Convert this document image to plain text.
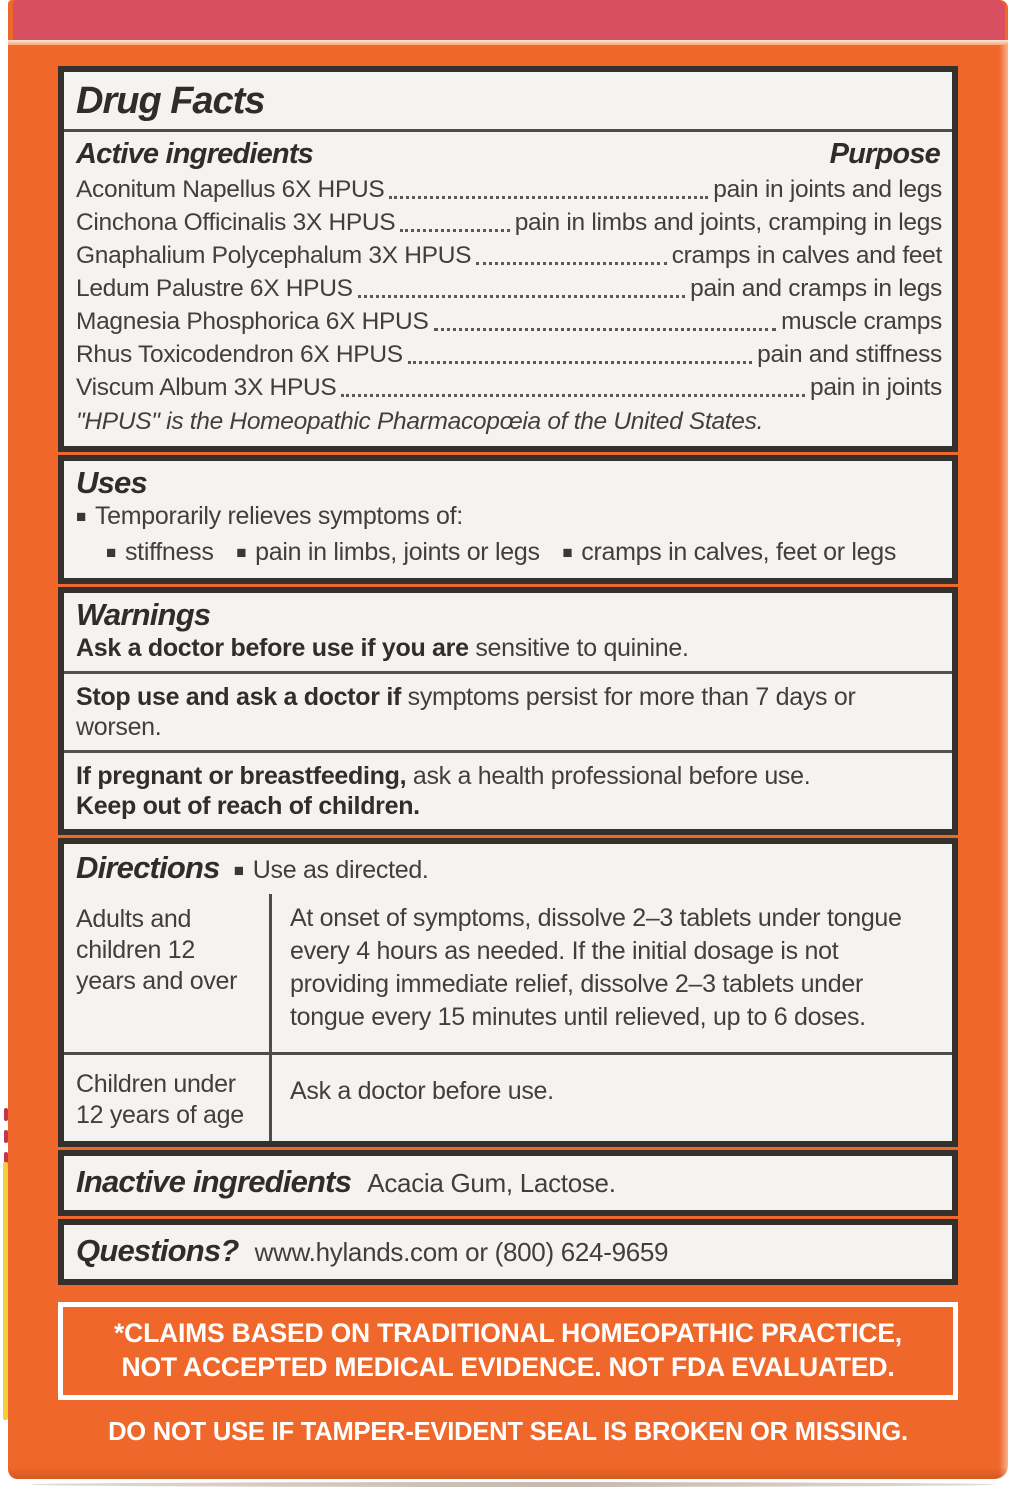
Drug Facts
Active ingredients	Purpose
Aconitum Napellus 6X HPUS	pain in joints and legs
Cinchona Officinalis 3X HPUS	pain in limbs and joints, cramping in legs
Gnaphalium Polycephalum 3X HPUS	cramps in calves and feet
Ledum Palustre 6X HPUS	pain and cramps in legs
Magnesia Phosphorica 6X HPUS	muscle cramps
Rhus Toxicodendron 6X HPUS	pain and stiffness
Viscum Album 3X HPUS	pain in joints
"HPUS" is the Homeopathic Pharmacopœia of the United States.
Uses
■ Temporarily relieves symptoms of:
■ stiffness ■ pain in limbs, joints or legs ■ cramps in calves, feet or legs
Warnings
Ask a doctor before use if you are sensitive to quinine.
Stop use and ask a doctor if symptoms persist for more than 7 days or worsen.
If pregnant or breastfeeding, ask a health professional before use.
Keep out of reach of children.
Directions ■ Use as directed.
Adults and children 12 years and over
At onset of symptoms, dissolve 2–3 tablets under tongue every 4 hours as needed. If the initial dosage is not providing immediate relief, dissolve 2–3 tablets under tongue every 15 minutes until relieved, up to 6 doses.
Children under 12 years of age
Ask a doctor before use.
Inactive ingredients Acacia Gum, Lactose.
Questions? www.hylands.com or (800) 624-9659
*CLAIMS BASED ON TRADITIONAL HOMEOPATHIC PRACTICE,
NOT ACCEPTED MEDICAL EVIDENCE. NOT FDA EVALUATED.
DO NOT USE IF TAMPER-EVIDENT SEAL IS BROKEN OR MISSING.
